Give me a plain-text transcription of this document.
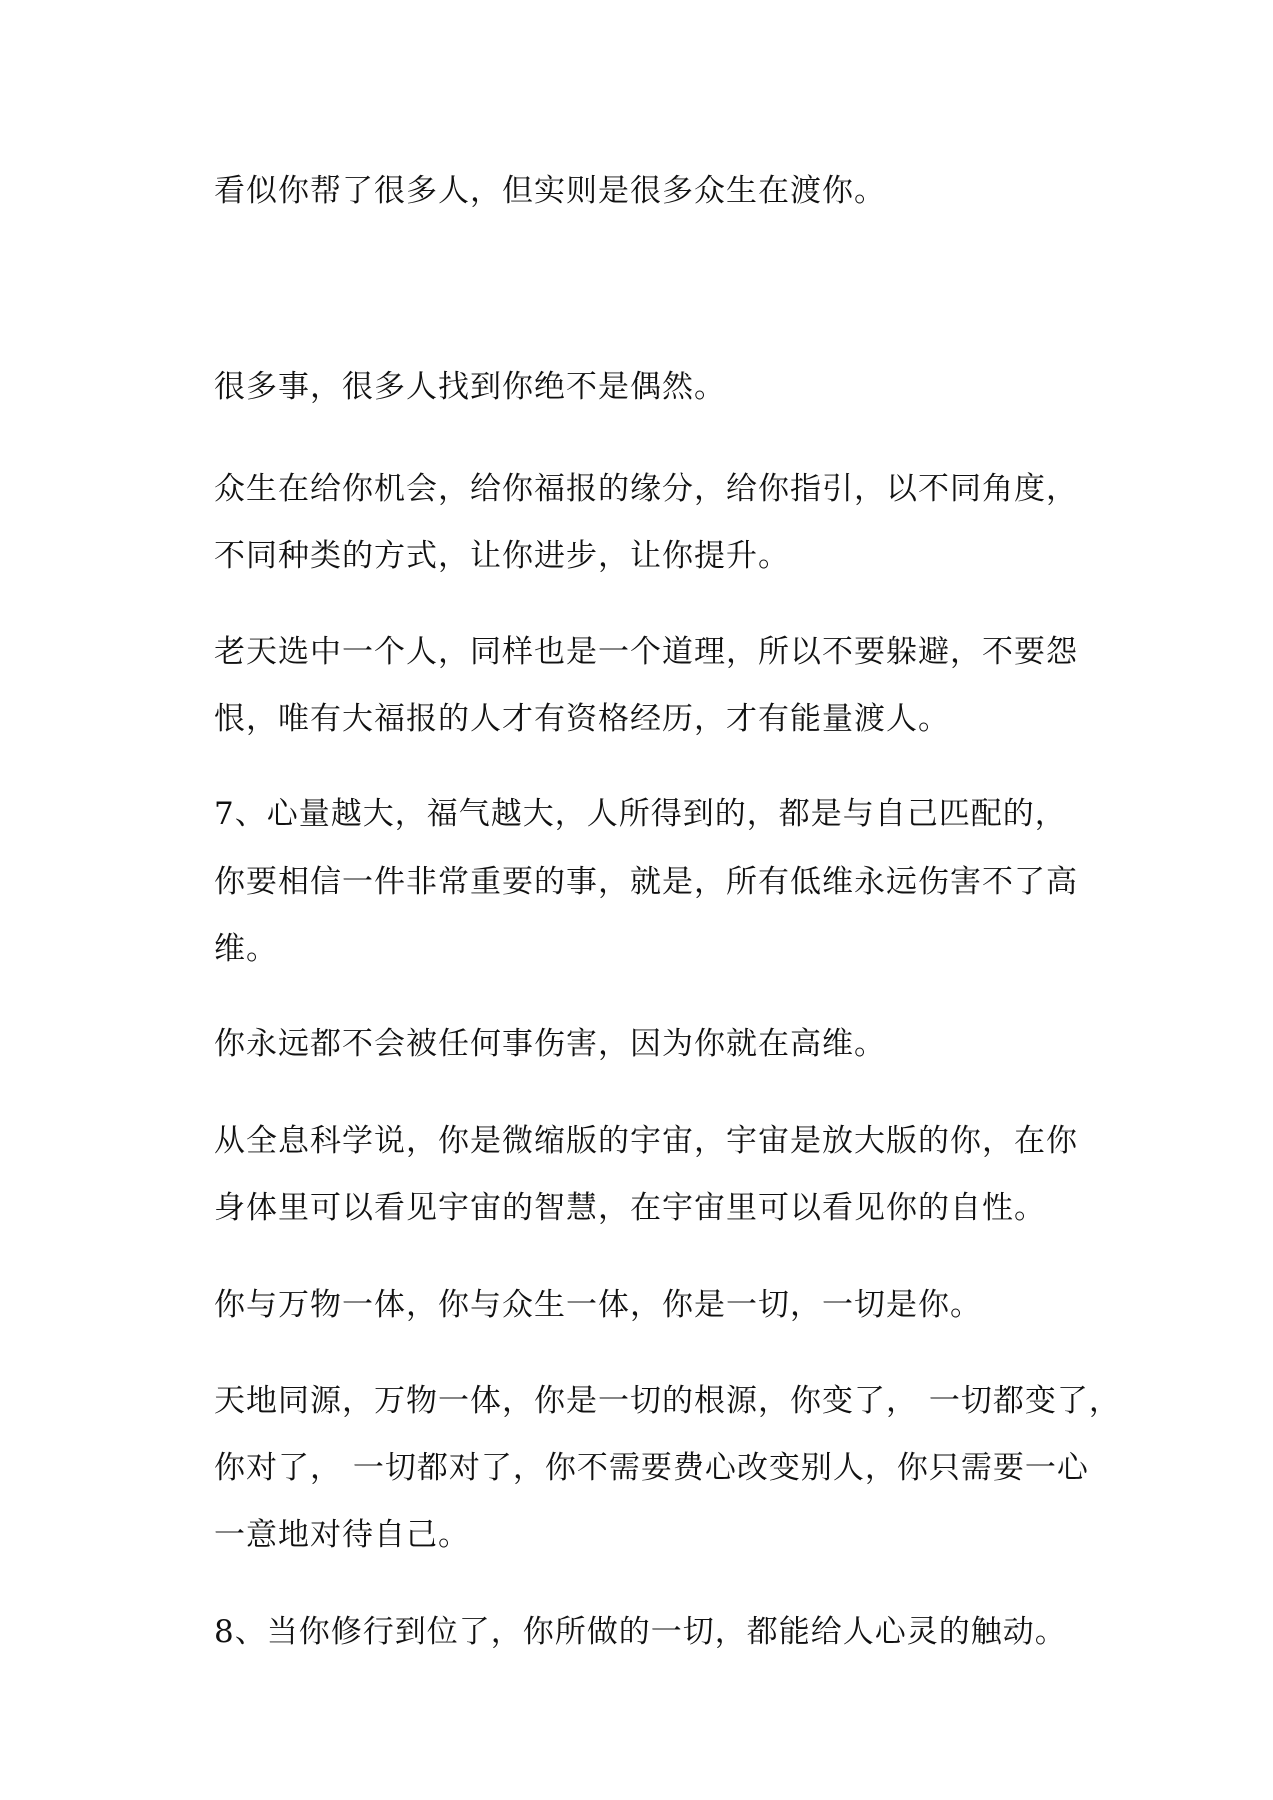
看似你帮了很多人，但实则是很多众生在渡你。
很多事，很多人找到你绝不是偶然。
众生在给你机会，给你福报的缘分，给你指引，以不同角度，
不同种类的方式，让你进步，让你提升。
老天选中一个人，同样也是一个道理，所以不要躲避，不要怨
恨，唯有大福报的人才有资格经历，才有能量渡人。
7、心量越大，福气越大，人所得到的，都是与自己匹配的，
你要相信一件非常重要的事，就是，所有低维永远伤害不了高
维。
你永远都不会被任何事伤害，因为你就在高维。
从全息科学说，你是微缩版的宇宙，宇宙是放大版的你，在你
身体里可以看见宇宙的智慧，在宇宙里可以看见你的自性。
你与万物一体，你与众生一体，你是一切，一切是你。
天地同源，万物一体，你是一切的根源，你变了， 一切都变了，
你对了， 一切都对了，你不需要费心改变别人，你只需要一心
一意地对待自己。
8、当你修行到位了，你所做的一切，都能给人心灵的触动。
